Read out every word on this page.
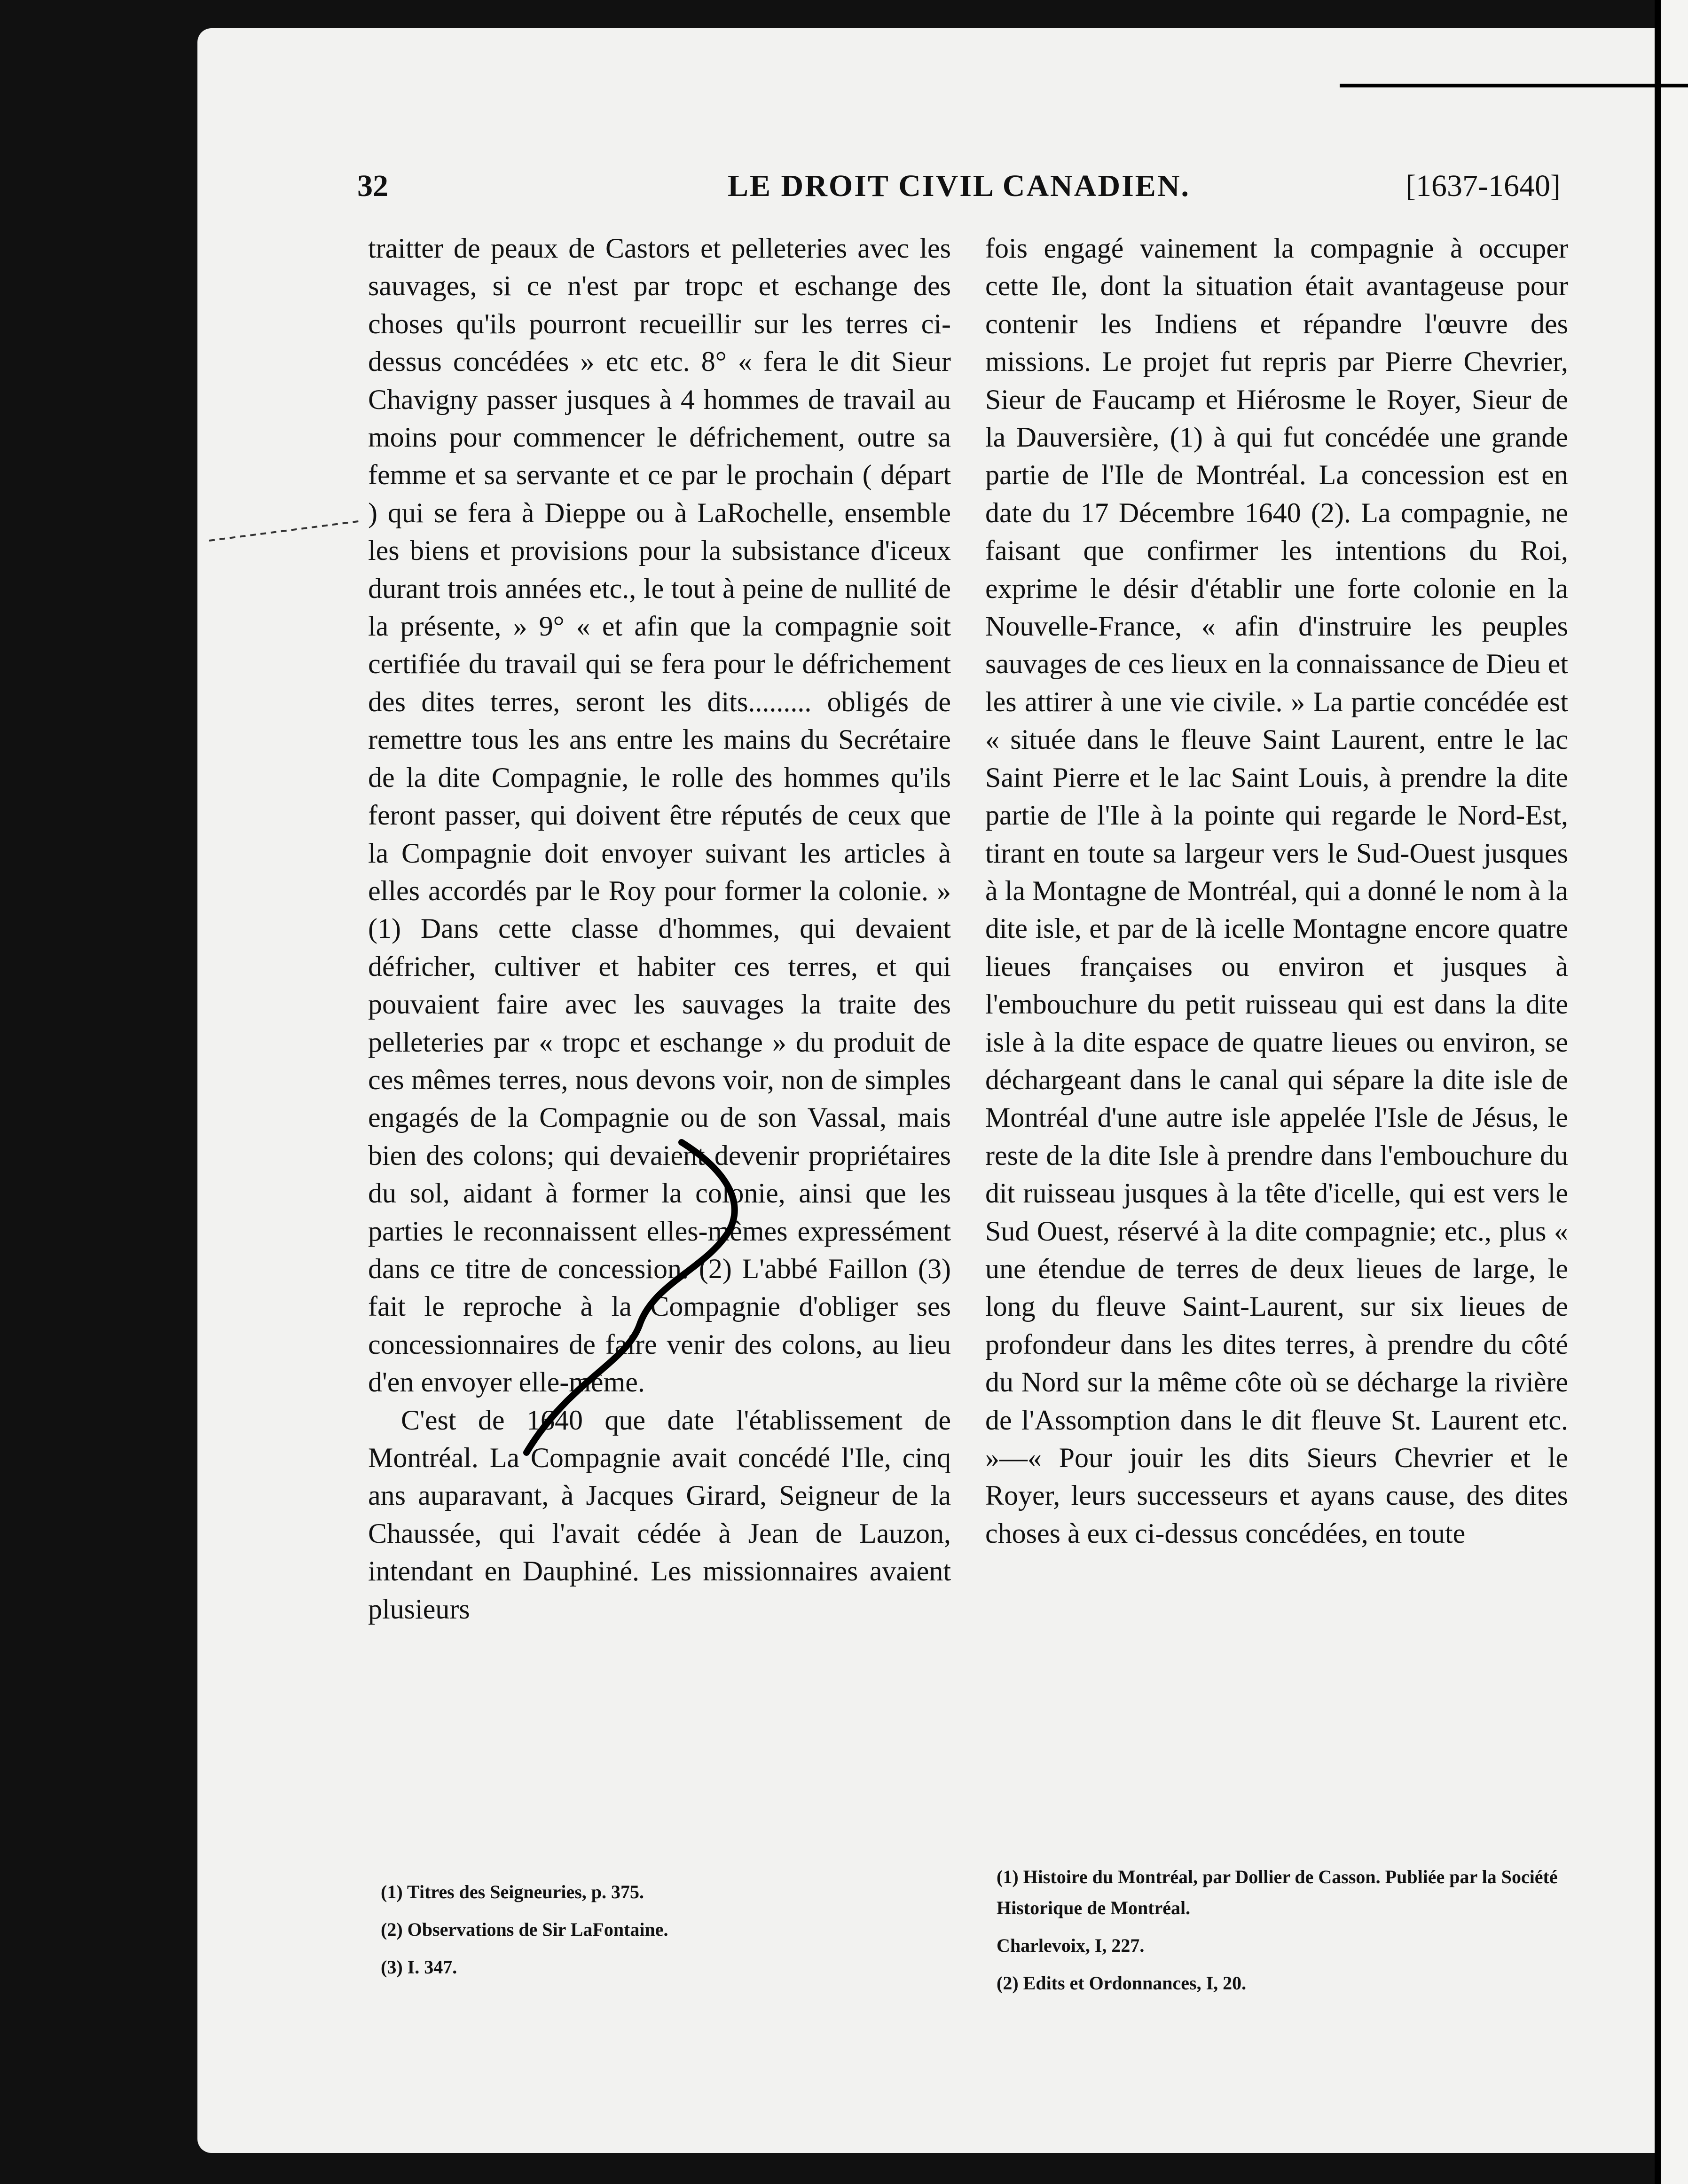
32	LE DROIT CIVIL CANADIEN.	[1637-1640]

traitter de peaux de Castors et pelleteries avec les sauvages, si ce n'est par tropc et eschange des choses qu'ils pourront recueillir sur les terres ci-dessus concédées » etc etc. 8° « fera le dit Sieur Chavigny passer jusques à 4 hommes de travail au moins pour commencer le défrichement, outre sa femme et sa servante et ce par le prochain ( départ ) qui se fera à Dieppe ou à LaRochelle, ensemble les biens et provisions pour la subsistance d'iceux durant trois années etc., le tout à peine de nullité de la présente, » 9° « et afin que la compagnie soit certifiée du travail qui se fera pour le défrichement des dites terres, seront les dits......... obligés de remettre tous les ans entre les mains du Secrétaire de la dite Compagnie, le rolle des hommes qu'ils feront passer, qui doivent être réputés de ceux que la Compagnie doit envoyer suivant les articles à elles accordés par le Roy pour former la colonie. » (1) Dans cette classe d'hommes, qui devaient défricher, cultiver et habiter ces terres, et qui pouvaient faire avec les sauvages la traite des pelleteries par « tropc et eschange » du produit de ces mêmes terres, nous devons voir, non de simples engagés de la Compagnie ou de son Vassal, mais bien des colons; qui devaient devenir propriétaires du sol, aidant à former la colonie, ainsi que les parties le reconnaissent elles-mêmes expressément dans ce titre de concession. (2) L'abbé Faillon (3) fait le reproche à la Compagnie d'obliger ses concessionnaires de faire venir des colons, au lieu d'en envoyer elle-même.

C'est de 1640 que date l'établissement de Montréal. La Compagnie avait concédé l'Ile, cinq ans auparavant, à Jacques Girard, Seigneur de la Chaussée, qui l'avait cédée à Jean de Lauzon, intendant en Dauphiné. Les missionnaires avaient plusieurs

fois engagé vainement la compagnie à occuper cette Ile, dont la situation était avantageuse pour contenir les Indiens et répandre l'œuvre des missions. Le projet fut repris par Pierre Chevrier, Sieur de Faucamp et Hiérosme le Royer, Sieur de la Dauversière, (1) à qui fut concédée une grande partie de l'Ile de Montréal. La concession est en date du 17 Décembre 1640 (2). La compagnie, ne faisant que confirmer les intentions du Roi, exprime le désir d'établir une forte colonie en la Nouvelle-France, « afin d'instruire les peuples sauvages de ces lieux en la connaissance de Dieu et les attirer à une vie civile. » La partie concédée est « située dans le fleuve Saint Laurent, entre le lac Saint Pierre et le lac Saint Louis, à prendre la dite partie de l'Ile à la pointe qui regarde le Nord-Est, tirant en toute sa largeur vers le Sud-Ouest jusques à la Montagne de Montréal, qui a donné le nom à la dite isle, et par de là icelle Montagne encore quatre lieues françaises ou environ et jusques à l'embouchure du petit ruisseau qui est dans la dite isle à la dite espace de quatre lieues ou environ, se déchargeant dans le canal qui sépare la dite isle de Montréal d'une autre isle appelée l'Isle de Jésus, le reste de la dite Isle à prendre dans l'embouchure du dit ruisseau jusques à la tête d'icelle, qui est vers le Sud Ouest, réservé à la dite compagnie; etc., plus « une étendue de terres de deux lieues de large, le long du fleuve Saint-Laurent, sur six lieues de profondeur dans les dites terres, à prendre du côté du Nord sur la même côte où se décharge la rivière de l'Assomption dans le dit fleuve St. Laurent etc. »—« Pour jouir les dits Sieurs Chevrier et le Royer, leurs successeurs et ayans cause, des dites choses à eux ci-dessus concédées, en toute

(1) Titres des Seigneuries, p. 375.
(2) Observations de Sir LaFontaine.
(3) I. 347.
(1) Histoire du Montréal, par Dollier de Casson. Publiée par la Société Historique de Montréal.
Charlevoix, I, 227.
(2) Edits et Ordonnances, I, 20.
